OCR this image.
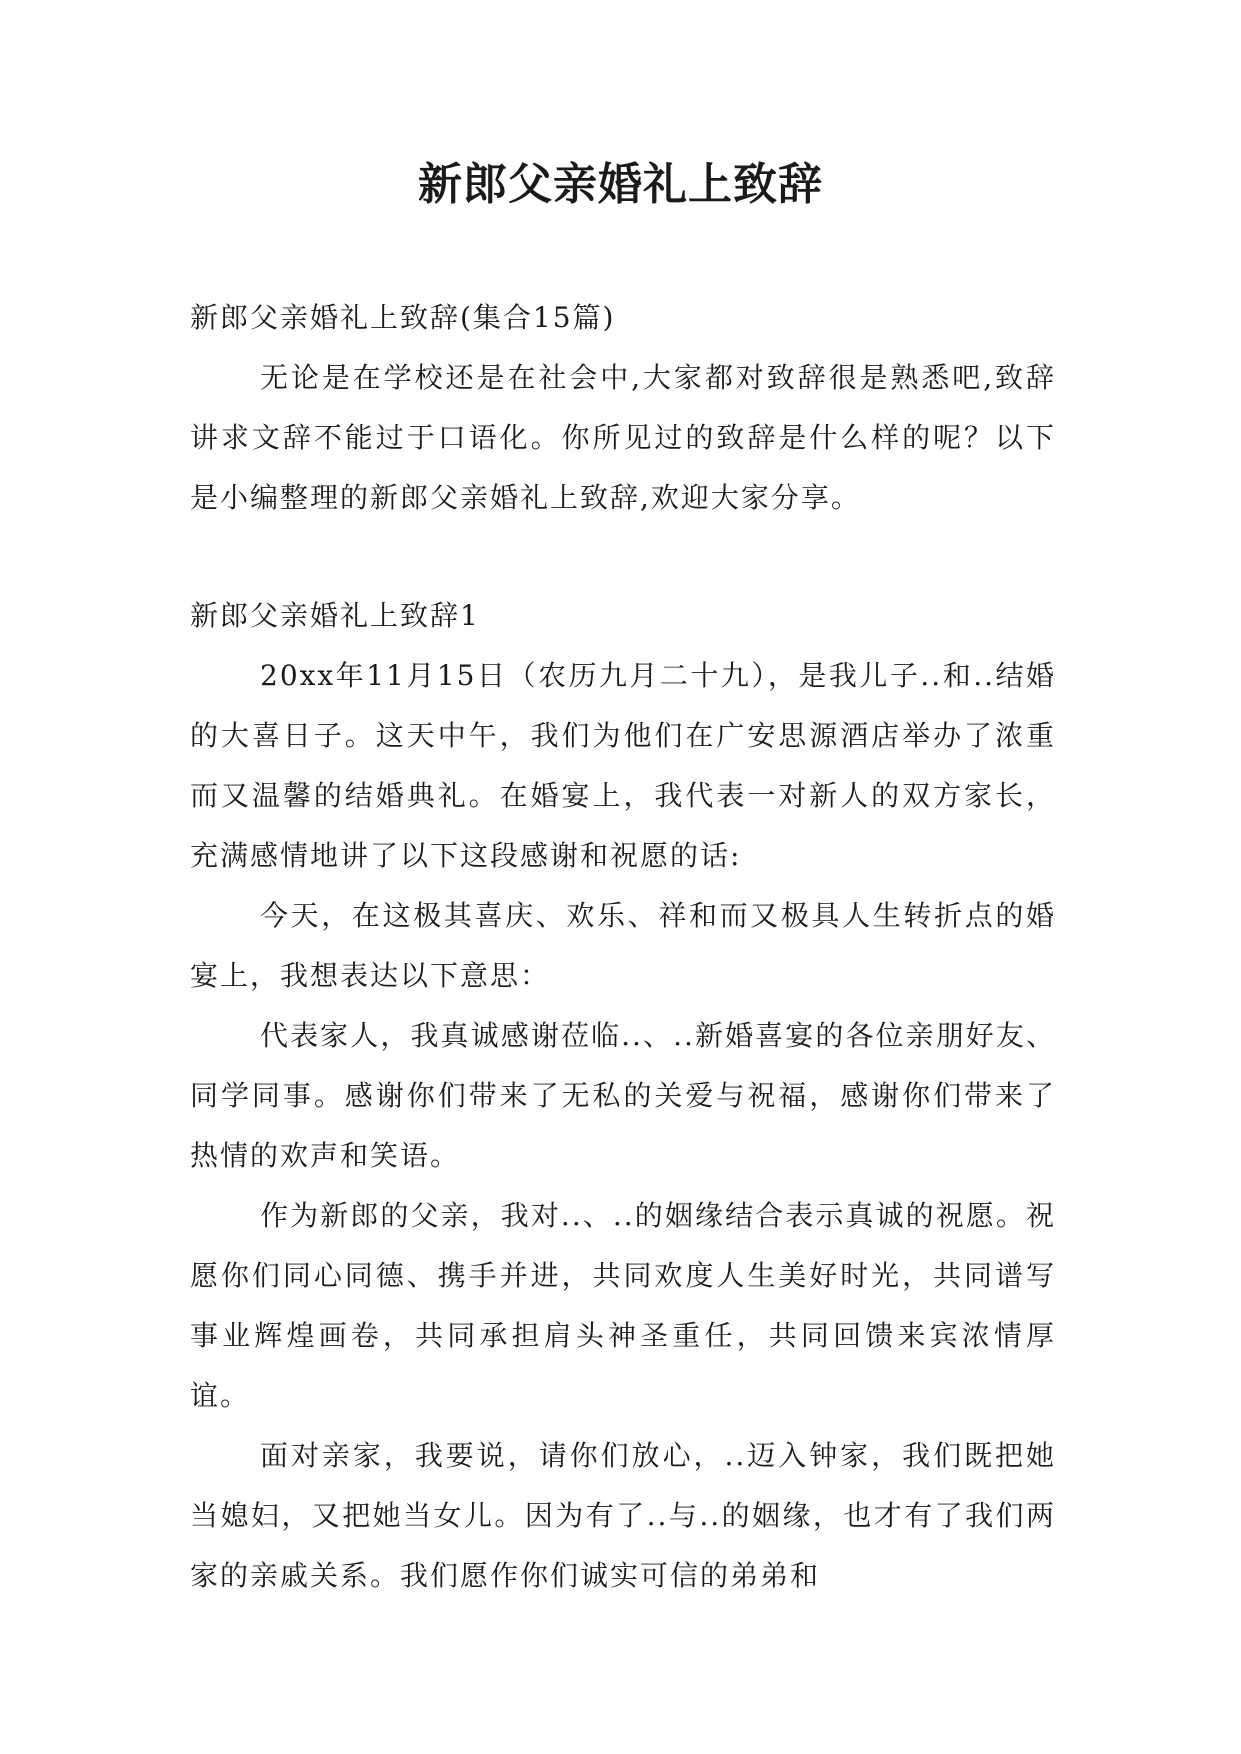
新郎父亲婚礼上致辞

新郎父亲婚礼上致辞(集合15篇)

无论是在学校还是在社会中,大家都对致辞很是熟悉吧,致辞讲求文辞不能过于口语化。你所见过的致辞是什么样的呢？以下是小编整理的新郎父亲婚礼上致辞,欢迎大家分享。

新郎父亲婚礼上致辞1

20xx年11月15日（农历九月二十九），是我儿子..和..结婚的大喜日子。这天中午，我们为他们在广安思源酒店举办了浓重而又温馨的结婚典礼。在婚宴上，我代表一对新人的双方家长，充满感情地讲了以下这段感谢和祝愿的话:

今天，在这极其喜庆、欢乐、祥和而又极具人生转折点的婚宴上，我想表达以下意思：

代表家人，我真诚感谢莅临..、..新婚喜宴的各位亲朋好友、同学同事。感谢你们带来了无私的关爱与祝福，感谢你们带来了热情的欢声和笑语。

作为新郎的父亲，我对..、..的姻缘结合表示真诚的祝愿。祝愿你们同心同德、携手并进，共同欢度人生美好时光，共同谱写事业辉煌画卷，共同承担肩头神圣重任，共同回馈来宾浓情厚谊。

面对亲家，我要说，请你们放心，..迈入钟家，我们既把她当媳妇，又把她当女儿。因为有了..与..的姻缘，也才有了我们两家的亲戚关系。我们愿作你们诚实可信的弟弟和
